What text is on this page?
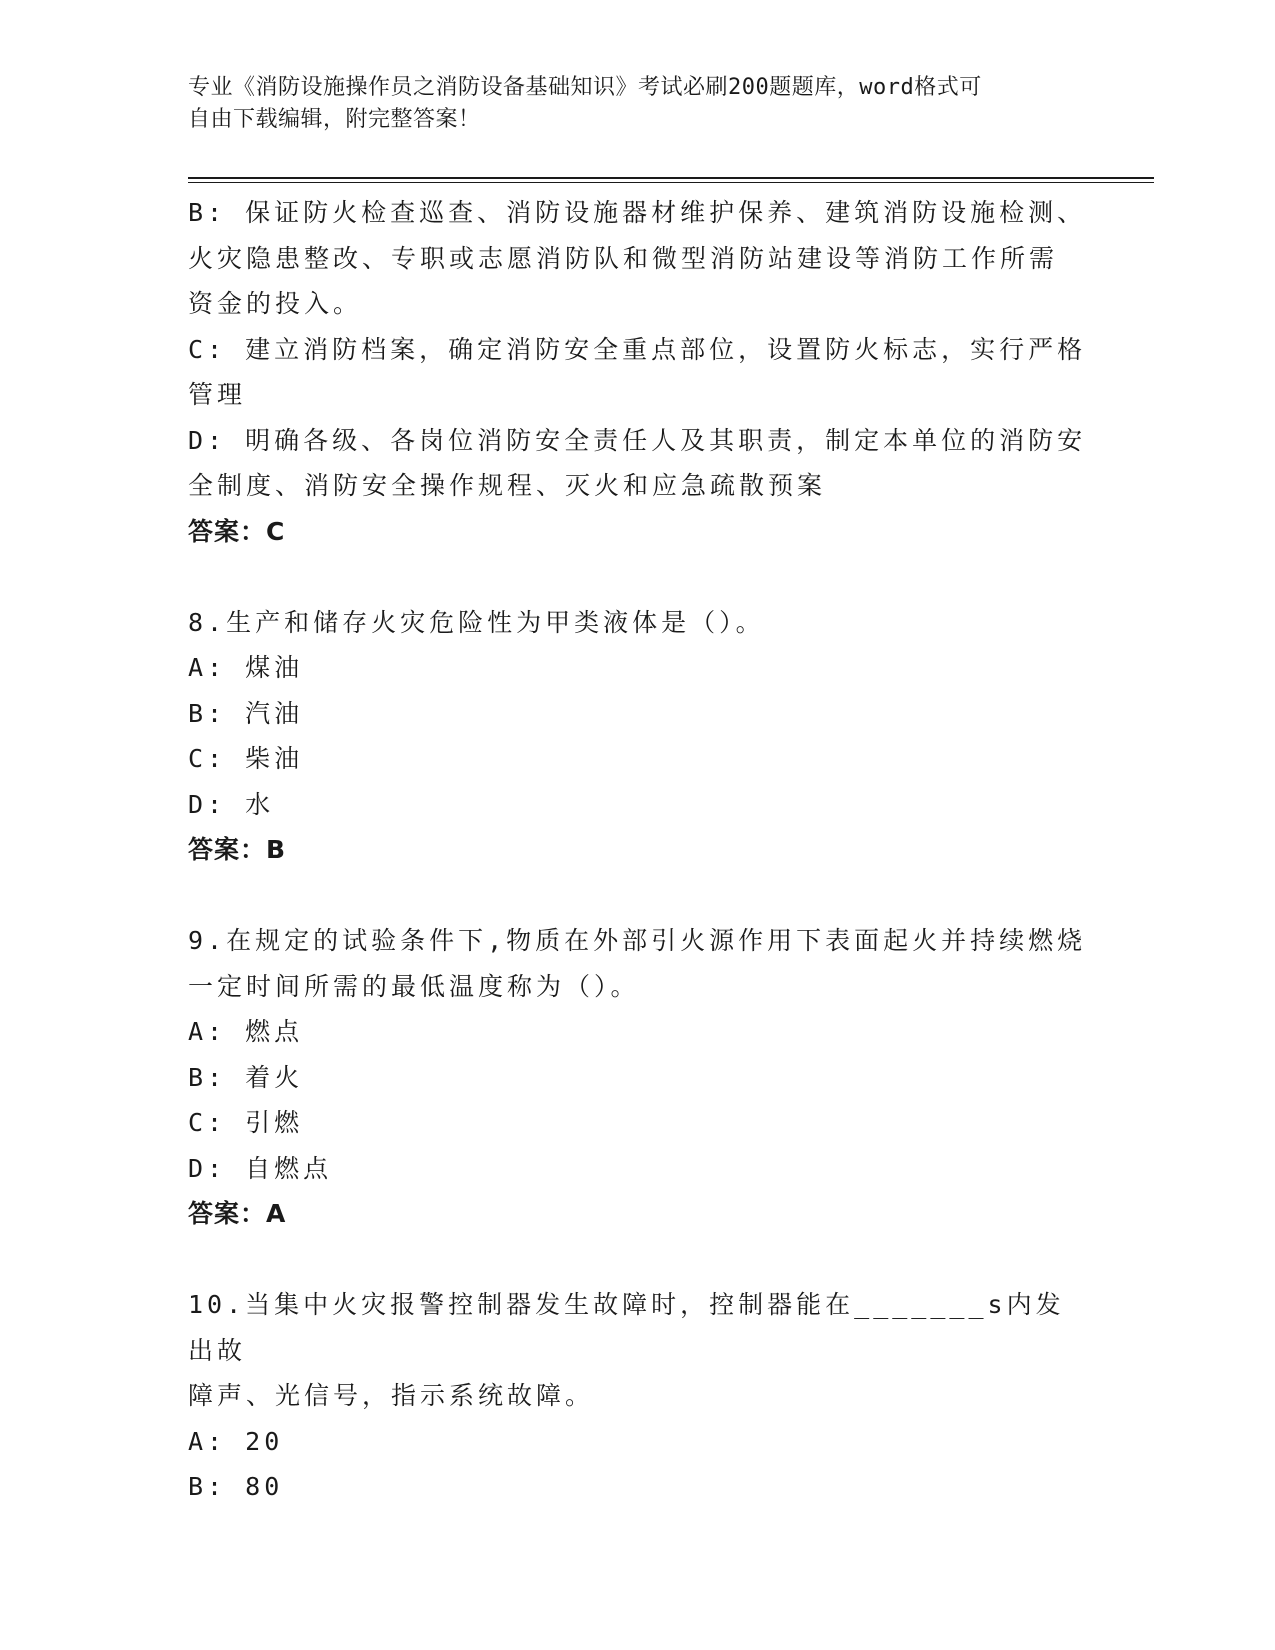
专业《消防设施操作员之消防设备基础知识》考试必刷200题题库，word格式可
自由下载编辑，附完整答案！
B: 保证防火检查巡查、消防设施器材维护保养、建筑消防设施检测、
火灾隐患整改、专职或志愿消防队和微型消防站建设等消防工作所需
资金的投入。
C: 建立消防档案，确定消防安全重点部位，设置防火标志，实行严格
管理
D: 明确各级、各岗位消防安全责任人及其职责，制定本单位的消防安
全制度、消防安全操作规程、灭火和应急疏散预案
答案：C
8.生产和储存火灾危险性为甲类液体是（）。
A: 煤油
B: 汽油
C: 柴油
D: 水
答案：B
9.在规定的试验条件下,物质在外部引火源作用下表面起火并持续燃烧
一定时间所需的最低温度称为（）。
A: 燃点
B: 着火
C: 引燃
D: 自燃点
答案：A
10.当集中火灾报警控制器发生故障时，控制器能在_______s内发出故
障声、光信号，指示系统故障。
A: 20
B: 80
